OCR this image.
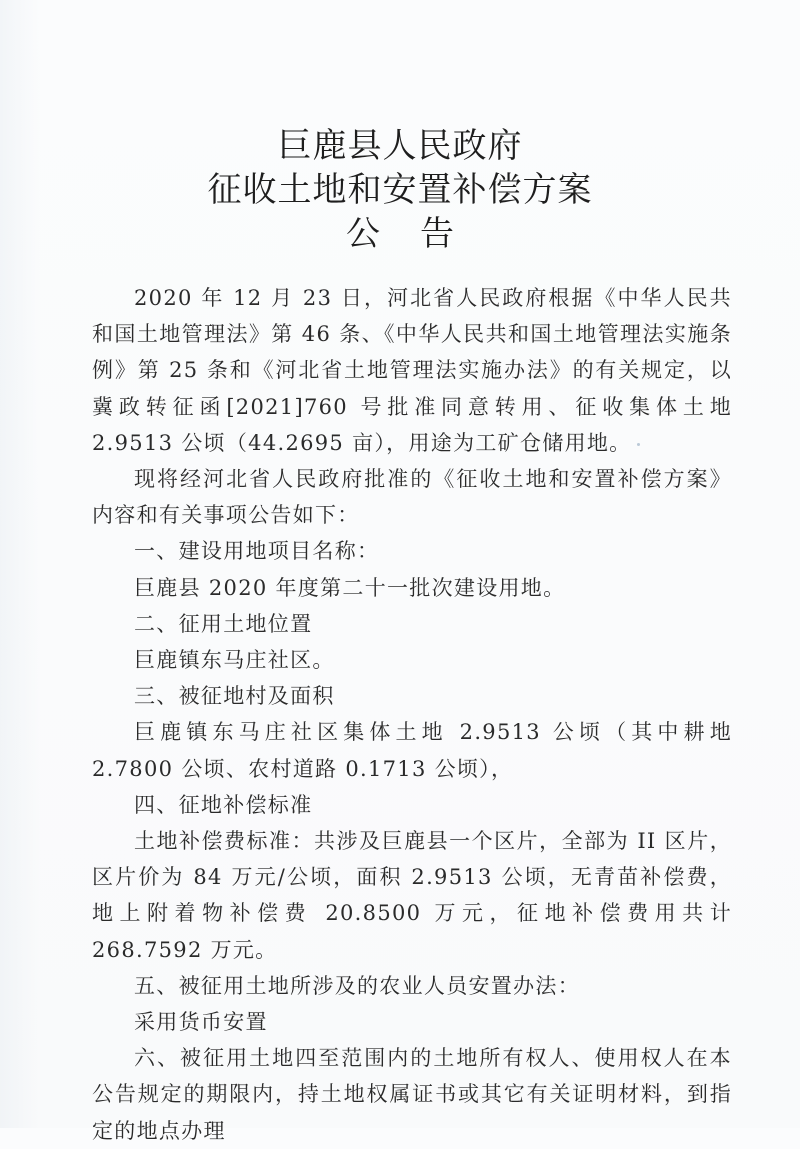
巨鹿县人民政府
征收土地和安置补偿方案
公告

2020 年 12 月 23 日，河北省人民政府根据《中华人民共和国土地管理法》第 46 条、《中华人民共和国土地管理法实施条例》第 25 条和《河北省土地管理法实施办法》的有关规定，以冀政转征函[2021]760 号批准同意转用、征收集体土地 2.9513 公顷（44.2695 亩），用途为工矿仓储用地。

现将经河北省人民政府批准的《征收土地和安置补偿方案》内容和有关事项公告如下：

一、建设用地项目名称：

巨鹿县 2020 年度第二十一批次建设用地。

二、征用土地位置

巨鹿镇东马庄社区。

三、被征地村及面积

巨鹿镇东马庄社区集体土地 2.9513 公顷（其中耕地 2.7800 公顷、农村道路 0.1713 公顷），

四、征地补偿标准

土地补偿费标准：共涉及巨鹿县一个区片，全部为 II 区片，区片价为 84 万元/公顷，面积 2.9513 公顷，无青苗补偿费，地上附着物补偿费 20.8500 万元，征地补偿费用共计 268.7592 万元。

五、被征用土地所涉及的农业人员安置办法：

采用货币安置

六、被征用土地四至范围内的土地所有权人、使用权人在本公告规定的期限内，持土地权属证书或其它有关证明材料，到指定的地点办理
